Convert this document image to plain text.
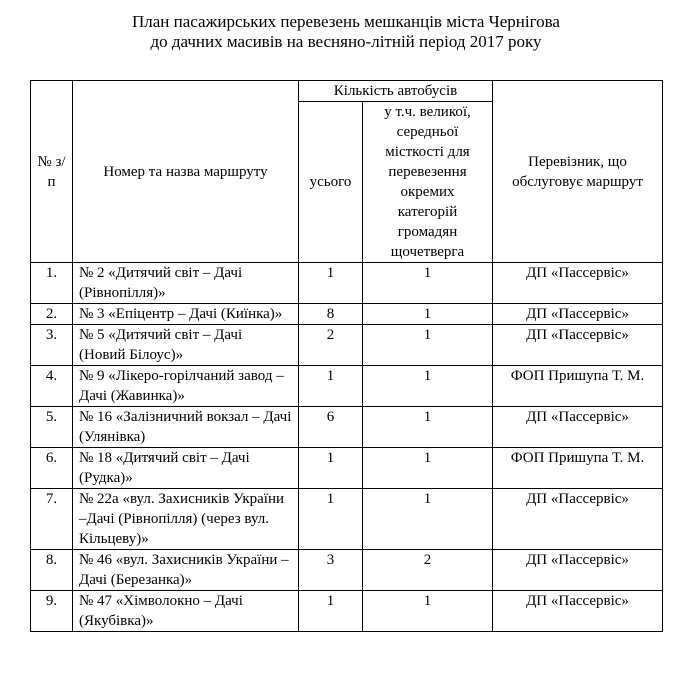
План пасажирських перевезень мешканців міста Чернігова
до дачних масивів на весняно-літній період 2017 року
№ з/п	Номер та назва маршруту	Кількість автобусів		Перевізник, що обслуговує маршрут
		усього	у т.ч. великої, середньої місткості для перевезення окремих категорій громадян щочетверга	
1.	№ 2 «Дитячий світ – Дачі (Рівнопілля)»	1	1	ДП «Пассервіс»
2.	№ 3 «Епіцентр – Дачі (Киїнка)»	8	1	ДП «Пассервіс»
3.	№ 5 «Дитячий світ – Дачі (Новий Білоус)»	2	1	ДП «Пассервіс»
4.	№ 9 «Лікеро-горілчаний завод – Дачі (Жавинка)»	1	1	ФОП Пришупа Т. М.
5.	№ 16 «Залізничний вокзал – Дачі (Улянівка)	6	1	ДП «Пассервіс»
6.	№ 18 «Дитячий світ – Дачі (Рудка)»	1	1	ФОП Пришупа Т. М.
7.	№ 22а «вул. Захисників України –Дачі (Рівнопілля) (через вул. Кільцеву)»	1	1	ДП «Пассервіс»
8.	№ 46 «вул. Захисників України – Дачі (Березанка)»	3	2	ДП «Пассервіс»
9.	№ 47 «Хімволокно – Дачі (Якубівка)»	1	1	ДП «Пассервіс»
